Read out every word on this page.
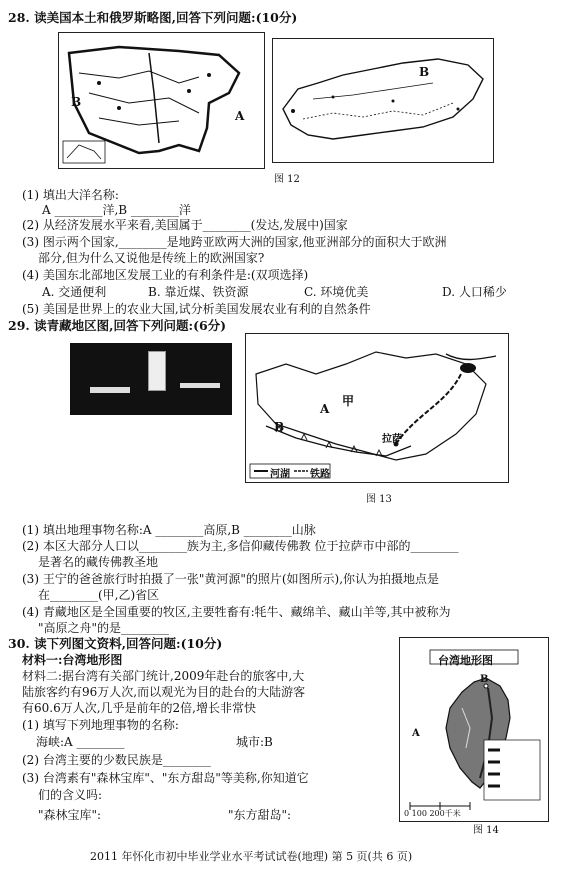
28. 读美国本土和俄罗斯略图,回答下列问题:(10分)
B
A
B
图 12
(1) 填出大洋名称:
A ________洋,B ________洋
(2) 从经济发展水平来看,美国属于________(发达,发展中)国家
(3) 图示两个国家,________是地跨亚欧两大洲的国家,他亚洲部分的面积大于欧洲
部分,但为什么又说他是传统上的欧洲国家?
(4) 美国东北部地区发展工业的有利条件是:(双项选择)
A. 交通便利	B. 靠近煤、铁资源	C. 环境优美	D. 人口稀少
(5) 美国是世界上的农业大国,试分析美国发展农业有利的自然条件
29. 读青藏地区图,回答下列问题:(6分)
A
甲
B
拉萨
河湖 铁路
图 13
(1) 填出地理事物名称:A ________高原,B ________山脉
(2) 本区大部分人口以________族为主,多信仰藏传佛教 位于拉萨市中部的________
是著名的藏传佛教圣地
(3) 王宁的爸爸旅行时拍摄了一张"黄河源"的照片(如图所示),你认为拍摄地点是
在________(甲,乙)省区
(4) 青藏地区是全国重要的牧区,主要牲畜有:牦牛、藏绵羊、藏山羊等,其中被称为
"高原之舟"的是________
30. 读下列图文资料,回答问题:(10分)
材料一:台湾地形图
材料二:据台湾有关部门统计,2009年赴台的旅客中,大
陆旅客约有96万人次,而以观光为目的赴台的大陆游客
有60.6万人次,几乎是前年的2倍,增长非常快
(1) 填写下列地理事物的名称:
海峡:A ________	城市:B
(2) 台湾主要的少数民族是________
(3) 台湾素有"森林宝库"、"东方甜岛"等美称,你知道它
们的含义吗:
"森林宝库":	"东方甜岛":
台湾地形图
A
B
0 100 200千米
图 14
2011 年怀化市初中毕业学业水平考试试卷(地理) 第 5 页(共 6 页)
